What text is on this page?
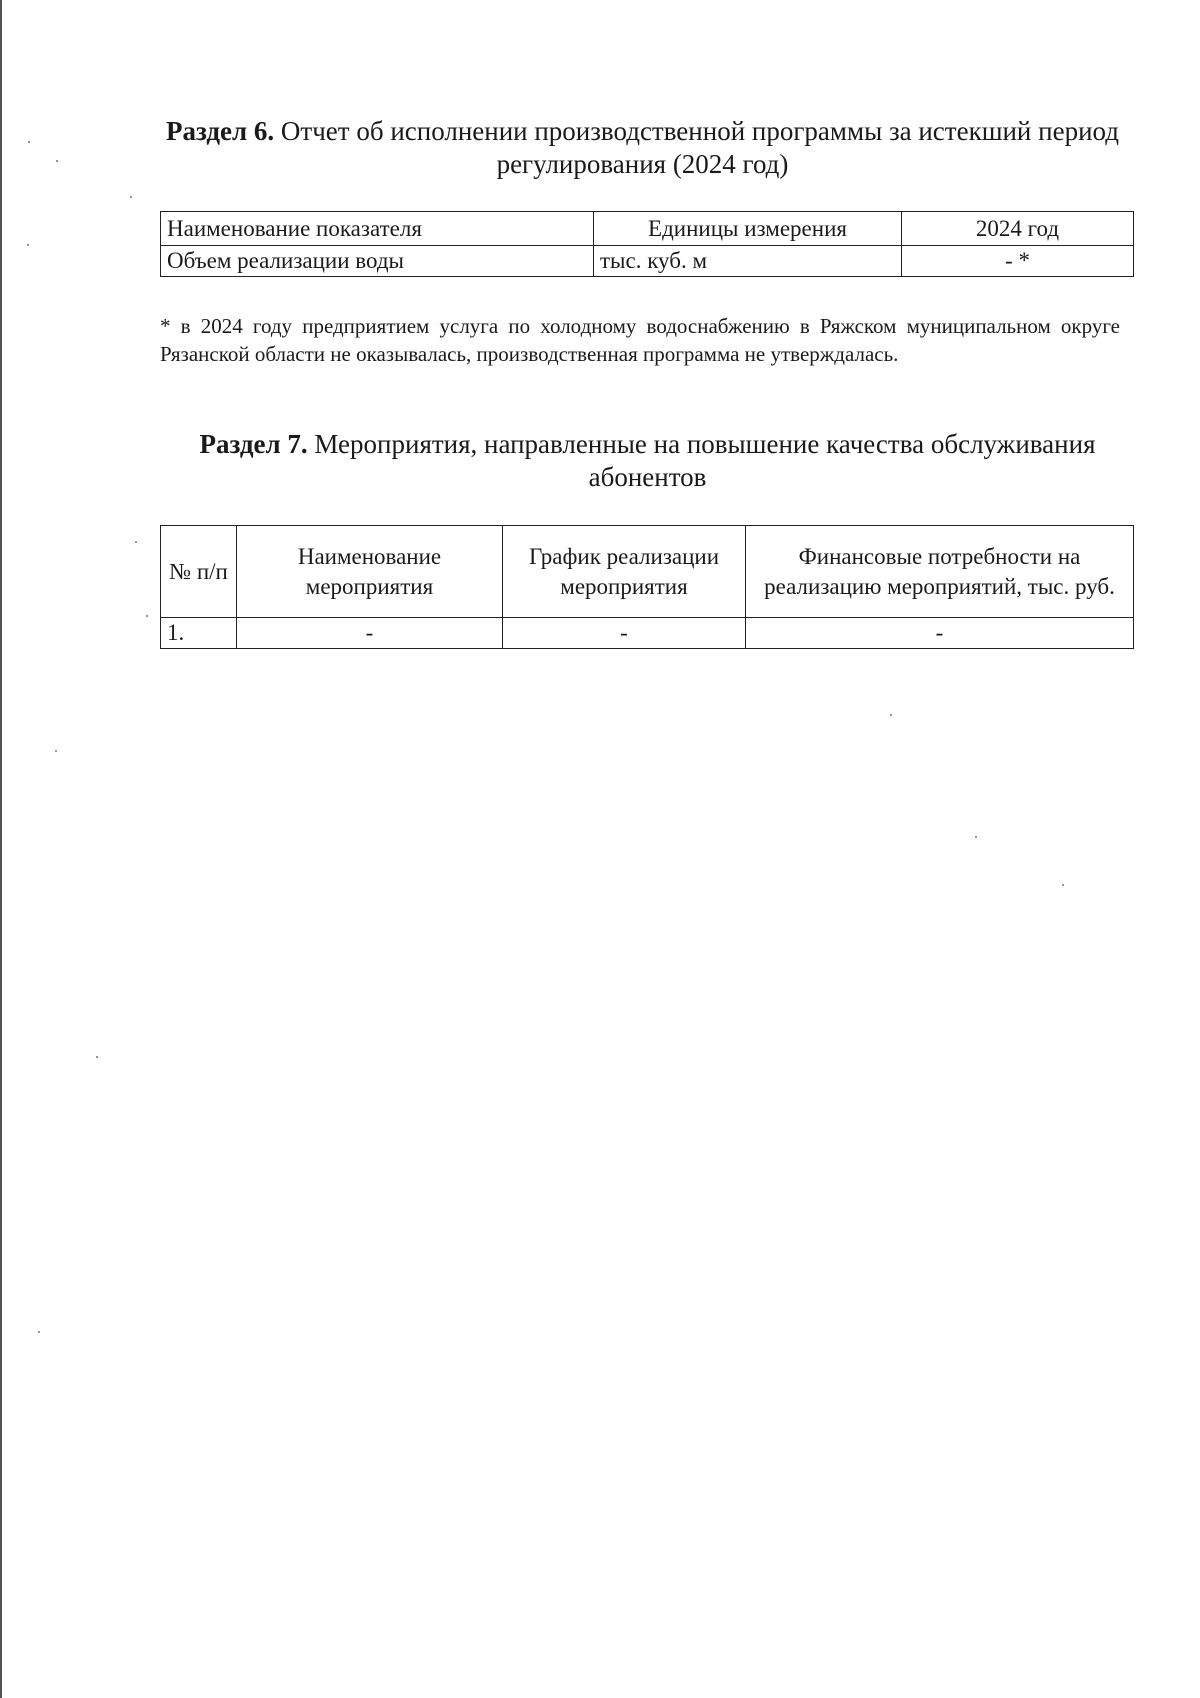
Раздел 6. Отчет об исполнении производственной программы за истекший период регулирования (2024 год)
Наименование показателя	Единицы измерения	2024 год
Объем реализации воды	тыс. куб. м	- *
* в 2024 году предприятием услуга по холодному водоснабжению в Ряжском муниципальном округе Рязанской области не оказывалась, производственная программа не утверждалась.
Раздел 7. Мероприятия, направленные на повышение качества обслуживания абонентов
№ п/п	Наименование мероприятия	График реализации мероприятия	Финансовые потребности на реализацию мероприятий, тыс. руб.
1.	-	-	-
